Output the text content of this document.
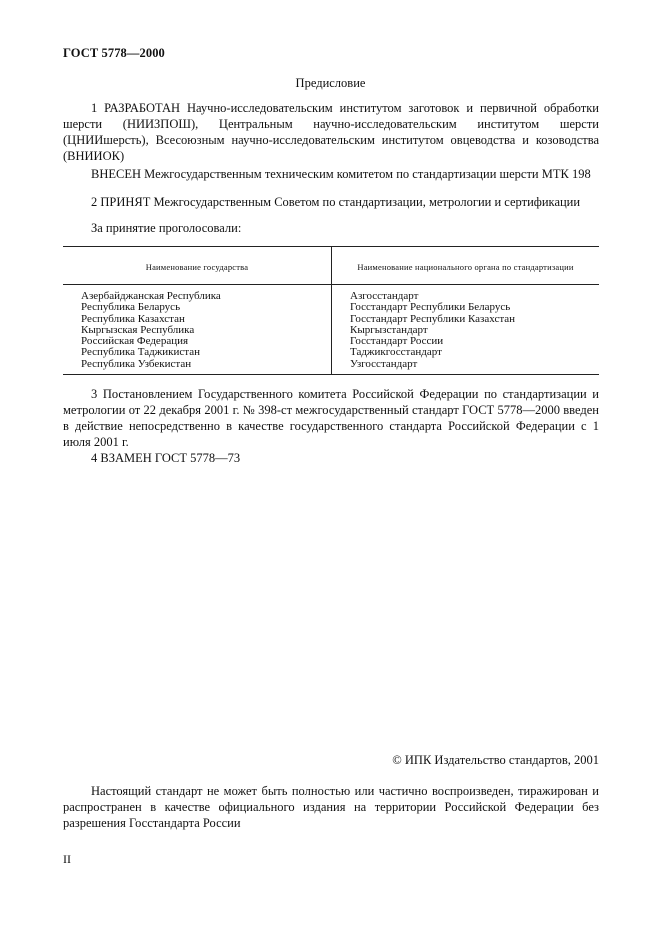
ГОСТ 5778—2000
Предисловие

1 РАЗРАБОТАН Научно-исследовательским институтом заготовок и первичной обработки шерсти (НИИЗПОШ), Центральным научно-исследовательским институтом шерсти (ЦНИИшерсть), Всесоюзным научно-исследовательским институтом овцеводства и козоводства (ВНИИОК)

ВНЕСЕН Межгосударственным техническим комитетом по стандартизации шерсти МТК 198

2 ПРИНЯТ Межгосударственным Советом по стандартизации, метрологии и сертификации

За принятие проголосовали:

Наименование государства	Наименование национального органа по стандартизации
Азербайджанская Республика
Республика Беларусь
Республика Казахстан
Кыргызская Республика
Российская Федерация
Республика Таджикистан
Республика Узбекистан
Азгосстандарт
Госстандарт Республики Беларусь
Госстандарт Республики Казахстан
Кыргызстандарт
Госстандарт России
Таджикгосстандарт
Узгосстандарт

3 Постановлением Государственного комитета Российской Федерации по стандартизации и метрологии от 22 декабря 2001 г. № 398-ст межгосударственный стандарт ГОСТ 5778—2000 введен в действие непосредственно в качестве государственного стандарта Российской Федерации с 1 июля 2001 г.

4 ВЗАМЕН ГОСТ 5778—73

© ИПК Издательство стандартов, 2001

Настоящий стандарт не может быть полностью или частично воспроизведен, тиражирован и распространен в качестве официального издания на территории Российской Федерации без разрешения Госстандарта России

II
